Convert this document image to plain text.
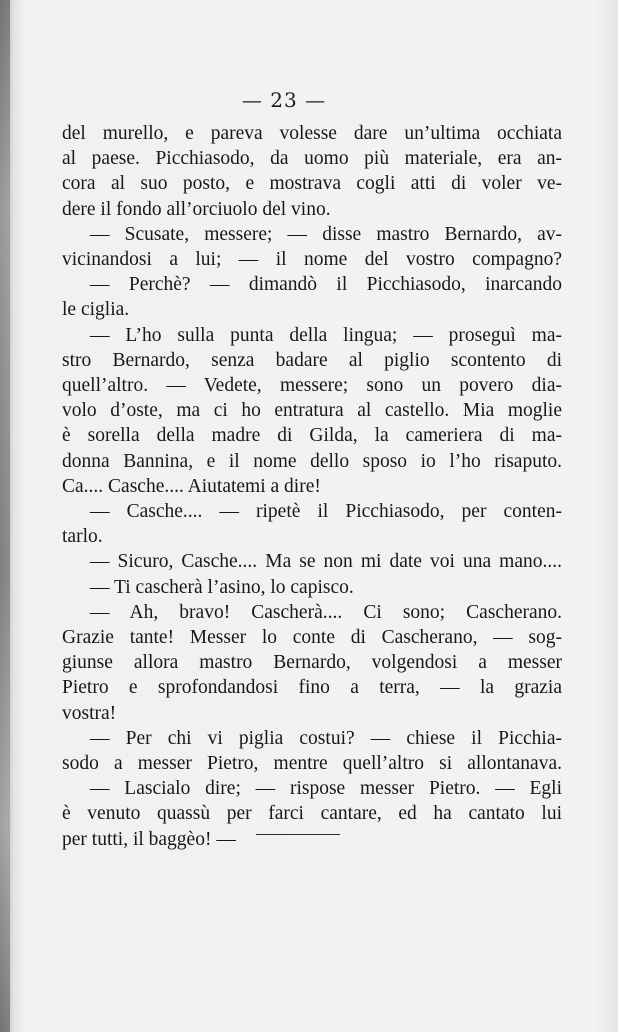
— 23 —
del murello, e pareva volesse dare un’ultima occhiata
al paese. Picchiasodo, da uomo più materiale, era an-
cora al suo posto, e mostrava cogli atti di voler ve-
dere il fondo all’orciuolo del vino.
— Scusate, messere; — disse mastro Bernardo, av-
vicinandosi a lui; — il nome del vostro compagno?
— Perchè? — dimandò il Picchiasodo, inarcando
le ciglia.
— L’ho sulla punta della lingua; — proseguì ma-
stro Bernardo, senza badare al piglio scontento di
quell’altro. — Vedete, messere; sono un povero dia-
volo d’oste, ma ci ho entratura al castello. Mia moglie
è sorella della madre di Gilda, la cameriera di ma-
donna Bannina, e il nome dello sposo io l’ho risaputo.
Ca.... Casche.... Aiutatemi a dire!
— Casche.... — ripetè il Picchiasodo, per conten-
tarlo.
— Sicuro, Casche.... Ma se non mi date voi una mano....
— Ti cascherà l’asino, lo capisco.
— Ah, bravo! Cascherà.... Ci sono; Cascherano.
Grazie tante! Messer lo conte di Cascherano, — sog-
giunse allora mastro Bernardo, volgendosi a messer
Pietro e sprofondandosi fino a terra, — la grazia
vostra!
— Per chi vi piglia costui? — chiese il Picchia-
sodo a messer Pietro, mentre quell’altro si allontanava.
— Lascialo dire; — rispose messer Pietro. — Egli
è venuto quassù per farci cantare, ed ha cantato lui
per tutti, il baggèo! —
